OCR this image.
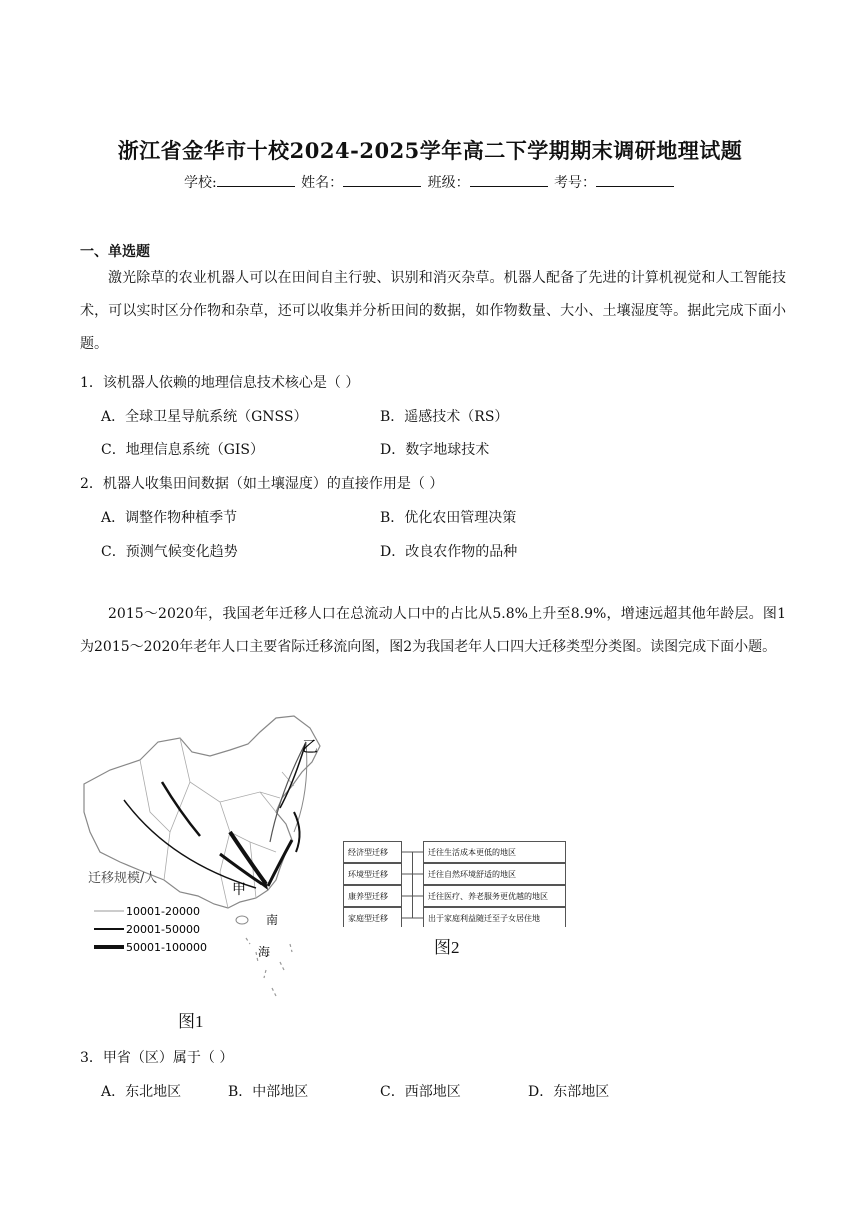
浙江省金华市十校2024-2025学年高二下学期期末调研地理试题
学校:	姓名：	班级：	考号：
一、单选题
激光除草的农业机器人可以在田间自主行驶、识别和消灭杂草。机器人配备了先进的计算机视觉和人工智能技术，可以实时区分作物和杂草，还可以收集并分析田间的数据，如作物数量、大小、土壤湿度等。据此完成下面小题。
1．该机器人依赖的地理信息技术核心是（ ）
A．全球卫星导航系统（GNSS）	B．遥感技术（RS）
C．地理信息系统（GIS）	D．数字地球技术
2．机器人收集田间数据（如土壤湿度）的直接作用是（ ）
A．调整作物种植季节	B．优化农田管理决策
C．预测气候变化趋势	D．改良农作物的品种
2015～2020年，我国老年迁移人口在总流动人口中的占比从5.8%上升至8.9%，增速远超其他年龄层。图1为2015～2020年老年人口主要省际迁移流向图，图2为我国老年人口四大迁移类型分类图。读图完成下面小题。
乙
甲
南
海
迁移规模/人
10001-20000
20001-50000
50001-100000
图1
经济型迁移	迁往生活成本更低的地区
环境型迁移	迁往自然环境舒适的地区
康养型迁移	迁往医疗、养老服务更优越的地区
家庭型迁移	出于家庭利益随迁至子女居住地
图2
3．甲省（区）属于（ ）
A．东北地区	B．中部地区	C．西部地区	D．东部地区
